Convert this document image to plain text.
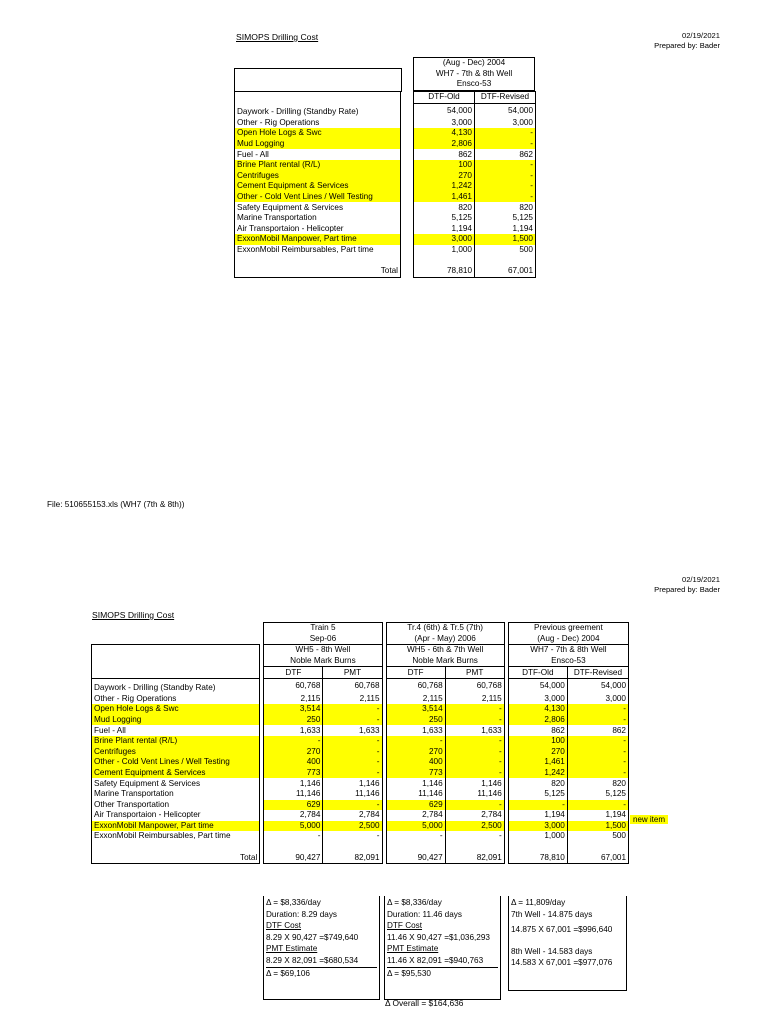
02/19/2021
Prepared by: Bader
SIMOPS Drilling Cost
(Aug - Dec) 2004
WH7 - 7th & 8th Well
Ensco-53
		DTF-Old	DTF-Revised
Daywork - Drilling (Standby Rate)		54,000	54,000
Other - Rig Operations		3,000	3,000
Open Hole Logs & Swc		4,130	-
Mud Logging		2,806	-
Fuel - All		862	862
Brine Plant rental (R/L)		100	-
Centrifuges		270	-
Cement Equipment & Services		1,242	-
Other - Cold Vent Lines / Well Testing		1,461	-
Safety Equipment & Services		820	820
Marine Transportation		5,125	5,125
Air Transportaion - Helicopter		1,194	1,194
ExxonMobil Manpower, Part time		3,000	1,500
ExxonMobil Reimbursables, Part time		1,000	500

Total		78,810	67,001
File: 510655153.xls (WH7 (7th & 8th))
02/19/2021
Prepared by: Bader
SIMOPS Drilling Cost
		Train 5			Tr.4 (6th) & Tr.5 (7th)			Previous greement	
		Sep-06			(Apr - May) 2006			(Aug - Dec) 2004	
		WH5 - 8th Well			WH5 - 6th & 7th Well			WH7 - 7th & 8th Well	
		Noble Mark Burns			Noble Mark Burns			Ensco-53	
		DTF	PMT		DTF	PMT		DTF-Old	DTF-Revised
Daywork - Drilling (Standby Rate)		60,768	60,768		60,768	60,768		54,000	54,000
Other - Rig Operations		2,115	2,115		2,115	2,115		3,000	3,000
Open Hole Logs & Swc		3,514	-		3,514	-		4,130	-
Mud Logging		250	-		250	-		2,806	-
Fuel - All		1,633	1,633		1,633	1,633		862	862
Brine Plant rental (R/L)		-	-		-	-		100	-
Centrifuges		270	-		270	-		270	-
Other - Cold Vent Lines / Well Testing		400	-		400	-		1,461	-
Cement Equipment & Services		773	-		773	-		1,242	-
Safety Equipment & Services		1,146	1,146		1,146	1,146		820	820
Marine Transportation		11,146	11,146		11,146	11,146		5,125	5,125
Other Transportation		629	-		629	-		-	-
Air Transportaion - Helicopter		2,784	2,784		2,784	2,784		1,194	1,194
ExxonMobil Manpower, Part time		5,000	2,500		5,000	2,500		3,000	1,500
ExxonMobil Reimbursables, Part time		-	-		-	-		1,000	500

Total		90,427	82,091		90,427	82,091		78,810	67,001
Δ Overall = $164,636
Δ = $8,336/day
Duration: 8.29 days
DTF Cost
8.29 X 90,427 =$749,640
PMT Estimate
8.29 X 82,091 =$680,534
Δ = $69,106
Δ = $8,336/day
Duration: 11.46 days
DTF Cost
11.46 X 90,427 =$1,036,293
PMT Estimate
11.46 X 82,091 =$940,763
Δ = $95,530
Δ = 11,809/day
7th Well - 14.875 days
14.875 X 67,001 =$996,640
8th Well - 14.583 days
14.583 X 67,001 =$977,076
new item
